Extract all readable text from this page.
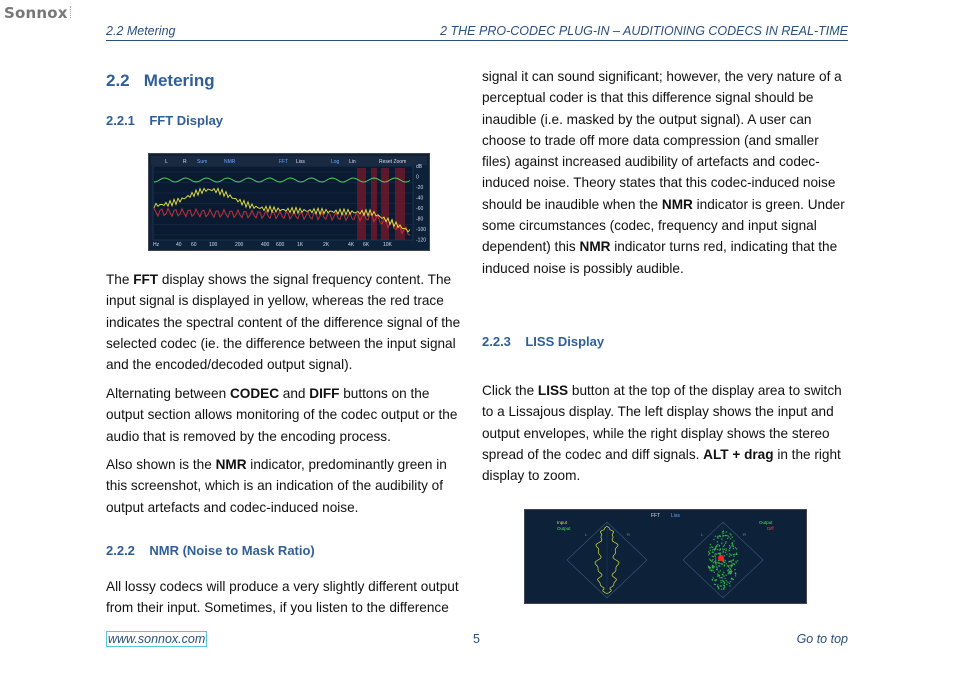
Sonnox
2.2 Metering	2 THE PRO-CODEC PLUG-IN – AUDITIONING CODECS IN REAL-TIME
2.2   Metering
2.2.1    FFT Display
L	R Sum	NMR	FFT Liss	Log Lin	Reset Zoom
dB
0
-20
-40
-60
-80
-100
-120
Hz	40 60 100	200	400 600	1K	2K	4K 6K	10K
The FFT display shows the signal frequency content. The input signal is displayed in yellow, whereas the red trace indicates the spectral content of the difference signal of the selected codec (ie. the difference between the input signal and the encoded/decoded output signal).
Alternating between CODEC and DIFF buttons on the output section allows monitoring of the codec output or the audio that is removed by the encoding process.
Also shown is the NMR indicator, predominantly green in this screenshot, which is an indication of the audibility of output artefacts and codec-induced noise.
2.2.2    NMR (Noise to Mask Ratio)
All lossy codecs will produce a very slightly different output from their input. Sometimes, if you listen to the difference
signal it can sound significant; however, the very nature of a perceptual coder is that this difference signal should be inaudible (i.e. masked by the output signal). A user can choose to trade off more data compression (and smaller files) against increased audibility of artefacts and codec-induced noise. Theory states that this codec-induced noise should be inaudible when the NMR indicator is green. Under some circumstances (codec, frequency and input signal dependent) this NMR indicator turns red, indicating that the induced noise is possibly audible.
2.2.3    LISS Display
Click the LISS button at the top of the display area to switch to a Lissajous display. The left display shows the input and output envelopes, while the right display shows the stereo spread of the codec and diff signals. ALT + drag in the right display to zoom.
FFT Liss
Input
Output
Output
Diff
L	R	L	R
www.sonnox.com	5	Go to top
